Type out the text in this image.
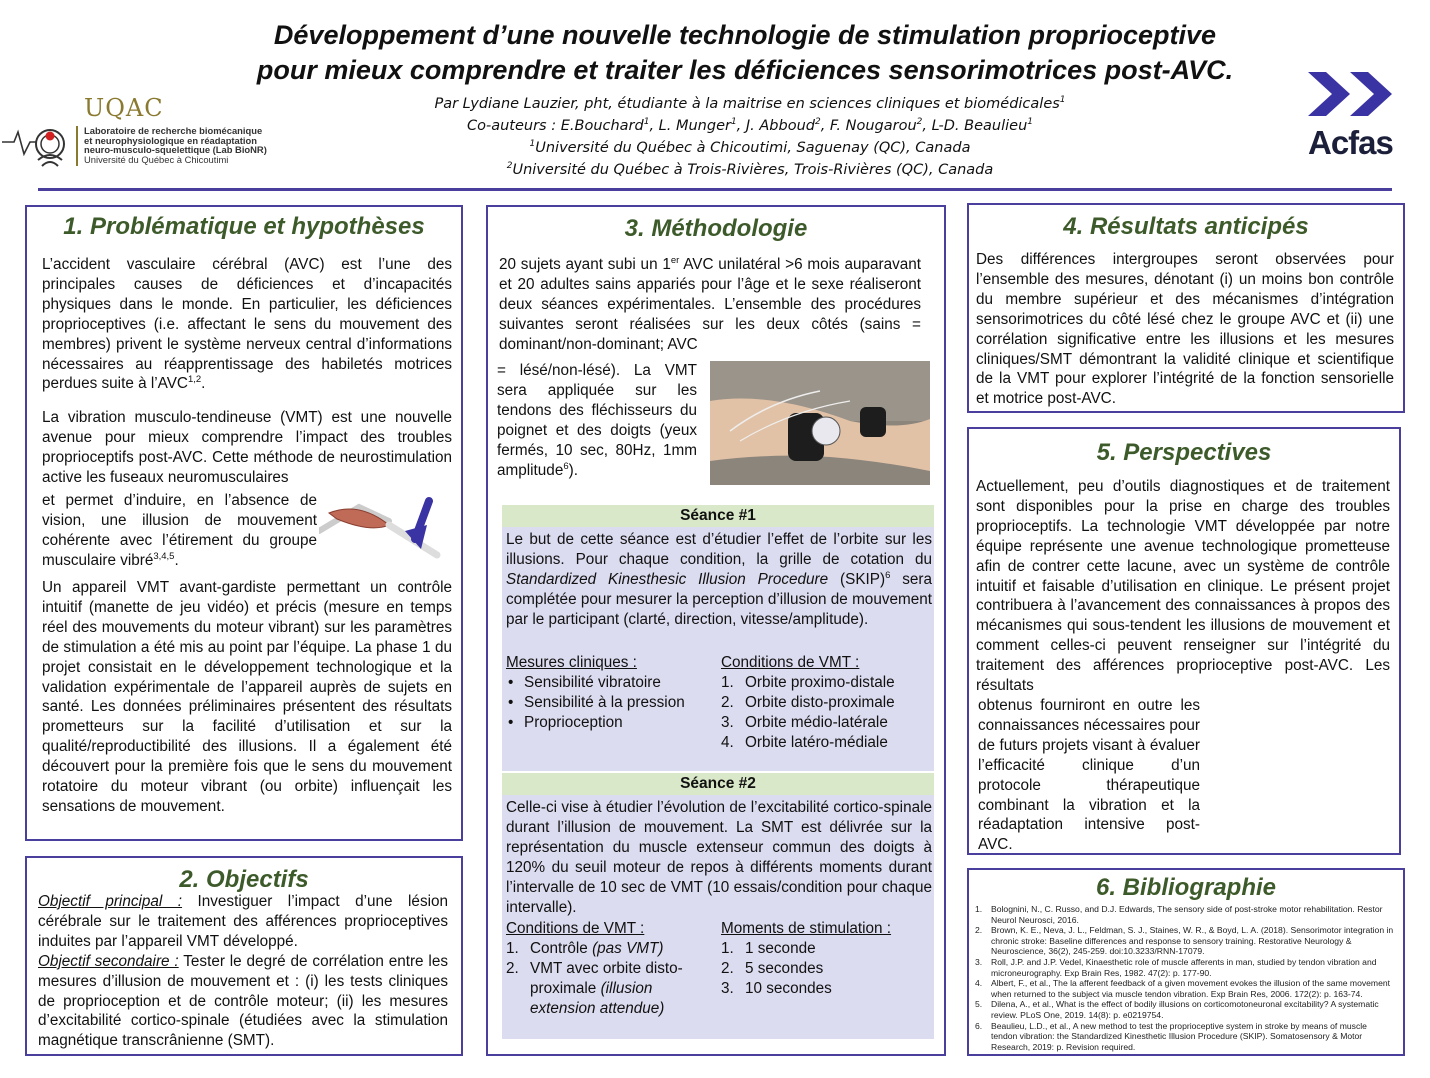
Développement d’une nouvelle technologie de stimulation proprioceptive
pour mieux comprendre et traiter les déficiences sensorimotrices post-AVC.
Par Lydiane Lauzier, pht, étudiante à la maitrise en sciences cliniques et biomédicales$^1$
Co-auteurs : E.Bouchard$^1$, L. Munger$^1$, J. Abboud$^2$, F. Nougarou$^2$, L-D. Beaulieu$^1$
$^1$Université du Québec à Chicoutimi, Saguenay (QC), Canada
$^2$Université du Québec à Trois-Rivières, Trois-Rivières (QC), Canada
UQAC
Laboratoire de recherche biomécanique
et neurophysiologique en réadaptation
neuro-musculo-squelettique (Lab BioNR)
Université du Québec à Chicoutimi	Acfas
1. Problématique et hypothèses
L’accident vasculaire cérébral (AVC) est l’une des principales causes de déficiences et d’incapacités physiques dans le monde. En particulier, les déficiences proprioceptives (i.e. affectant le sens du mouvement des membres) privent le système nerveux central d’informations nécessaires au réapprentissage des habiletés motrices perdues suite à l’AVC$^{1,2}$.
La vibration musculo-tendineuse (VMT) est une nouvelle avenue pour mieux comprendre l’impact des troubles proprioceptifs post-AVC. Cette méthode de neurostimulation active les fuseaux neuromusculaires
et permet d’induire, en l’absence de vision, une illusion de mouvement cohérente avec l’étirement du groupe musculaire vibré$^{3,4,5}$.
Un appareil VMT avant-gardiste permettant un contrôle intuitif (manette de jeu vidéo) et précis (mesure en temps réel des mouvements du moteur vibrant) sur les paramètres de stimulation a été mis au point par l’équipe. La phase 1 du projet consistait en le développement technologique et la validation expérimentale de l’appareil auprès de sujets en santé. Les données préliminaires présentent des résultats prometteurs sur la facilité d’utilisation et sur la qualité/reproductibilité des illusions. Il a également été découvert pour la première fois que le sens du mouvement rotatoire du moteur vibrant (ou orbite) influençait les sensations de mouvement.
2. Objectifs
Objectif principal : Investiguer l’impact d’une lésion cérébrale sur le traitement des afférences proprioceptives induites par l’appareil VMT développé.
Objectif secondaire : Tester le degré de corrélation entre les mesures d’illusion de mouvement et : (i) les tests cliniques de proprioception et de contrôle moteur; (ii) les mesures d’excitabilité cortico-spinale (étudiées avec la stimulation magnétique transcrânienne (SMT).
3. Méthodologie
20 sujets ayant subi un 1er AVC unilatéral >6 mois auparavant et 20 adultes sains appariés pour l’âge et le sexe réaliseront deux séances expérimentales. L’ensemble des procédures suivantes seront réalisées sur les deux côtés (sains = dominant/non-dominant; AVC
= lésé/non-lésé). La VMT sera appliquée sur les tendons des fléchisseurs du poignet et des doigts (yeux fermés, 10 sec, 80Hz, 1mm amplitude$^6$).
Séance #1
Le but de cette séance est d’étudier l’effet de l’orbite sur les illusions. Pour chaque condition, la grille de cotation du Standardized Kinesthesic Illusion Procedure (SKIP)$^6$ sera complétée pour mesurer la perception d’illusion de mouvement par le participant (clarté, direction, vitesse/amplitude).
Mesures cliniques :
• Sensibilité vibratoire
• Sensibilité à la pression
• Proprioception
Conditions de VMT :
1. Orbite proximo-distale
2. Orbite disto-proximale
3. Orbite médio-latérale
4. Orbite latéro-médiale
Séance #2
Celle-ci vise à étudier l’évolution de l’excitabilité cortico-spinale durant l’illusion de mouvement. La SMT est délivrée sur la représentation du muscle extenseur commun des doigts à 120% du seuil moteur de repos à différents moments durant l’intervalle de 10 sec de VMT (10 essais/condition pour chaque intervalle).
Conditions de VMT :
1. Contrôle (pas VMT)
2. VMT avec orbite disto-proximale (illusion extension attendue)
Moments de stimulation :
1. 1 seconde
2. 5 secondes
3. 10 secondes
4. Résultats anticipés
Des différences intergroupes seront observées pour l’ensemble des mesures, dénotant (i) un moins bon contrôle du membre supérieur et des mécanismes d’intégration sensorimotrices du côté lésé chez le groupe AVC et (ii) une corrélation significative entre les illusions et les mesures cliniques/SMT démontrant la validité clinique et scientifique de la VMT pour explorer l’intégrité de la fonction sensorielle et motrice post-AVC.
5. Perspectives
Actuellement, peu d’outils diagnostiques et de traitement sont disponibles pour la prise en charge des troubles proprioceptifs. La technologie VMT développée par notre équipe représente une avenue technologique prometteuse afin de contrer cette lacune, avec un système de contrôle intuitif et faisable d’utilisation en clinique. Le présent projet contribuera à l’avancement des connaissances à propos des mécanismes qui sous-tendent les illusions de mouvement et comment celles-ci peuvent renseigner sur l’intégrité du traitement des afférences proprioceptive post-AVC. Les résultats
obtenus fourniront en outre les connaissances nécessaires pour de futurs projets visant à évaluer l’efficacité clinique d’un protocole thérapeutique combinant la vibration et la réadaptation intensive post-AVC.
6. Bibliographie
1. Bolognini, N., C. Russo, and D.J. Edwards, The sensory side of post-stroke motor rehabilitation. Restor Neurol Neurosci, 2016.
2. Brown, K. E., Neva, J. L., Feldman, S. J., Staines, W. R., & Boyd, L. A. (2018). Sensorimotor integration in chronic stroke: Baseline differences and response to sensory training. Restorative Neurology & Neuroscience, 36(2), 245-259. doi:10.3233/RNN-17079.
3. Roll, J.P. and J.P. Vedel, Kinaesthetic role of muscle afferents in man, studied by tendon vibration and microneurography. Exp Brain Res, 1982. 47(2): p. 177-90.
4. Albert, F., et al., The la afferent feedback of a given movement evokes the illusion of the same movement when returned to the subject via muscle tendon vibration. Exp Brain Res, 2006. 172(2): p. 163-74.
5. Dilena, A., et al., What is the effect of bodily illusions on corticomotoneuronal excitability? A systematic review. PLoS One, 2019. 14(8): p. e0219754.
6. Beaulieu, L.D., et al., A new method to test the proprioceptive system in stroke by means of muscle tendon vibration: the Standardized Kinesthetic Illusion Procedure (SKIP). Somatosensory & Motor Research, 2019: p. Revision required.
